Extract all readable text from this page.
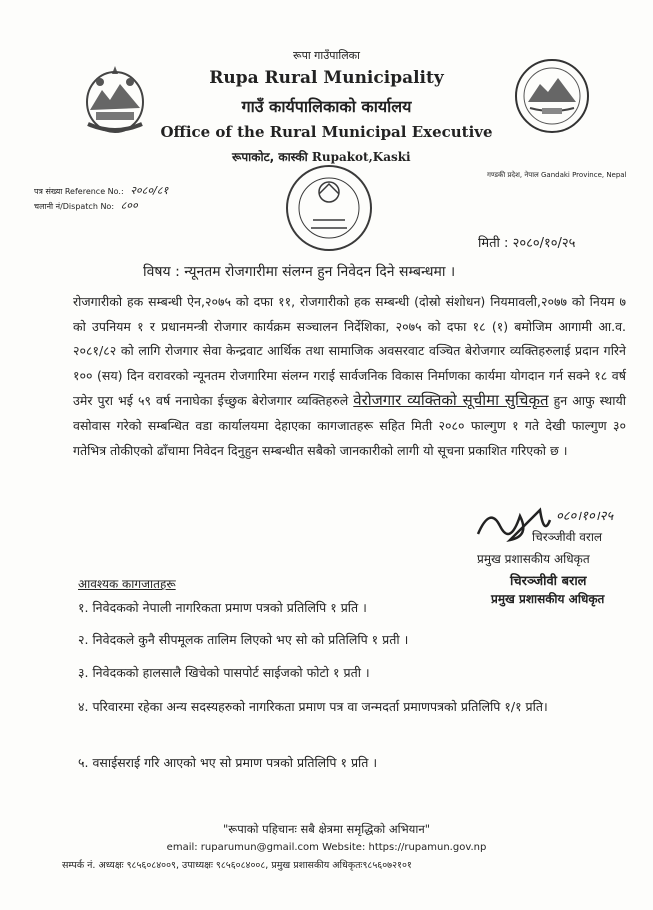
रूपा गाउँपालिका
Rupa Rural Municipality
गाउँ कार्यपालिकाको कार्यालय
Office of the Rural Municipal Executive
रूपाकोट, कास्की Rupakot,Kaski
गण्डकी प्रदेश, नेपाल Gandaki Province, Nepal
पत्र संख्या Reference No.: २०८०/८१
चलानी नं/Dispatch No: ८००
मिती : २०८०/१०/२५
विषय : न्यूनतम रोजगारीमा संलग्न हुन निवेदन दिने सम्बन्धमा ।

रोजगारीको हक सम्बन्धी ऐन,२०७५ को दफा ११, रोजगारीको हक सम्बन्धी (दोस्रो संशोधन) नियमावली,२०७७ को नियम ७ को उपनियम १ र प्रधानमन्त्री रोजगार कार्यक्रम सञ्चालन निर्देशिका, २०७५ को दफा १८ (१) बमोजिम आगामी आ.व. २०८१/८२ को लागि रोजगार सेवा केन्द्रवाट आर्थिक तथा सामाजिक अवसरवाट वञ्चित बेरोजगार व्यक्तिहरुलाई प्रदान गरिने १०० (सय) दिन वरावरको न्यूनतम रोजगारिमा संलग्न गराई सार्वजनिक विकास निर्माणका कार्यमा योगदान गर्न सक्ने १८ वर्ष उमेर पुरा भई ५९ वर्ष ननाघेका ईच्छुक बेरोजगार व्यक्तिहरुले वेरोजगार व्यक्तिको सूचीमा सुचिकृत हुन आफु स्थायी वसोवास गरेको सम्बन्धित वडा कार्यालयमा देहाएका कागजातहरू सहित मिती २०८० फाल्गुण १ गते देखी फाल्गुण ३० गतेभित्र तोकीएको ढाँचामा निवेदन दिनुहुन सम्बन्धीत सबैको जानकारीको लागी यो सूचना प्रकाशित गरिएको छ ।

०८०।१०।२५
चिरञ्जीवी वराल
प्रमुख प्रशासकीय अधिकृत
चिरञ्जीवी बराल
प्रमुख प्रशासकीय अधिकृत
आवश्यक कागजातहरू
१. निवेदकको नेपाली नागरिकता प्रमाण पत्रको प्रतिलिपि १ प्रति ।
२. निवेदकले कुनै सीपमूलक तालिम लिएको भए सो को प्रतिलिपि १ प्रती ।
३. निवेदकको हालसालै खिचेको पासपोर्ट साईजको फोटो १ प्रती ।
४. परिवारमा रहेका अन्य सदस्यहरुको नागरिकता प्रमाण पत्र वा जन्मदर्ता प्रमाणपत्रको प्रतिलिपि १/१ प्रति।
५. वसाईसराई गरि आएको भए सो प्रमाण पत्रको प्रतिलिपि १ प्रति ।
"रूपाको पहिचानः सबै क्षेत्रमा समृद्धिको अभियान"
email: ruparumun@gmail.com Website: https://rupamun.gov.np
सम्पर्क नं. अध्यक्षः ९८५६०८४००९, उपाध्यक्षः ९८५६०८४००८, प्रमुख प्रशासकीय अधिकृतः९८५६०७२१०१
